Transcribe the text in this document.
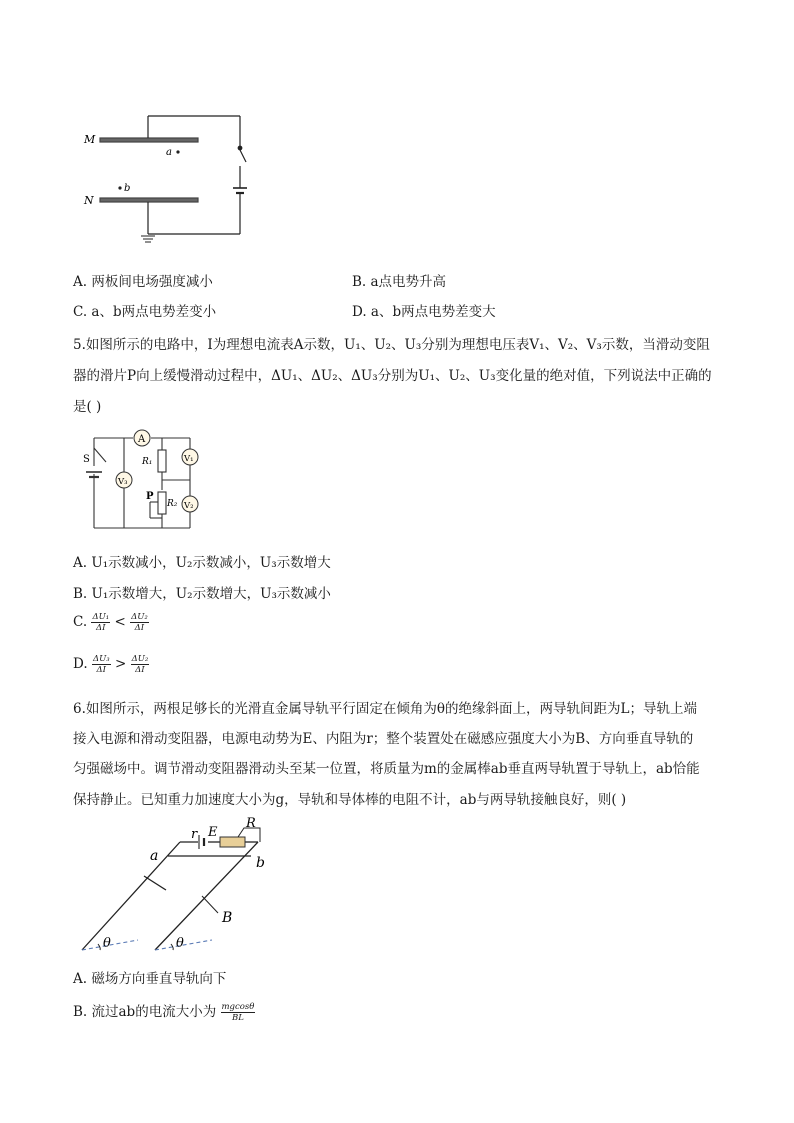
M
N
a
b
A. 两板间电场强度减小	B. a点电势升高
C. a、b两点电势差变小	D. a、b两点电势差变大
5.如图所示的电路中，I为理想电流表A示数，U₁、U₂、U₃分别为理想电压表V₁、V₂、V₃示数，当滑动变阻
器的滑片P向上缓慢滑动过程中，ΔU₁、ΔU₂、ΔU₃分别为U₁、U₂、U₃变化量的绝对值，下列说法中正确的
是( )
A
V₁
V₂
V₃
S	R₁
R₂
P
A. U₁示数减小，U₂示数减小，U₃示数增大
B. U₁示数增大，U₂示数增大，U₃示数减小
C. $\frac{\text{ΔU₁}}{\Delta I} < \frac{\text{ΔU₂}}{\Delta I}$
D. $\frac{\text{ΔU₃}}{\Delta I} > \frac{\text{ΔU₂}}{\Delta I}$
6.如图所示，两根足够长的光滑直金属导轨平行固定在倾角为θ的绝缘斜面上，两导轨间距为L；导轨上端
接入电源和滑动变阻器，电源电动势为E、内阻为r；整个装置处在磁感应强度大小为B、方向垂直导轨的
匀强磁场中。调节滑动变阻器滑动头至某一位置，将质量为m的金属棒ab垂直两导轨置于导轨上，ab恰能
保持静止。已知重力加速度大小为g，导轨和导体棒的电阻不计，ab与两导轨接触良好，则( )
r E
R
a	b
B
θ	θ
A. 磁场方向垂直导轨向下
B. 流过ab的电流大小为 $\frac{mgcos\theta}{BL}$
